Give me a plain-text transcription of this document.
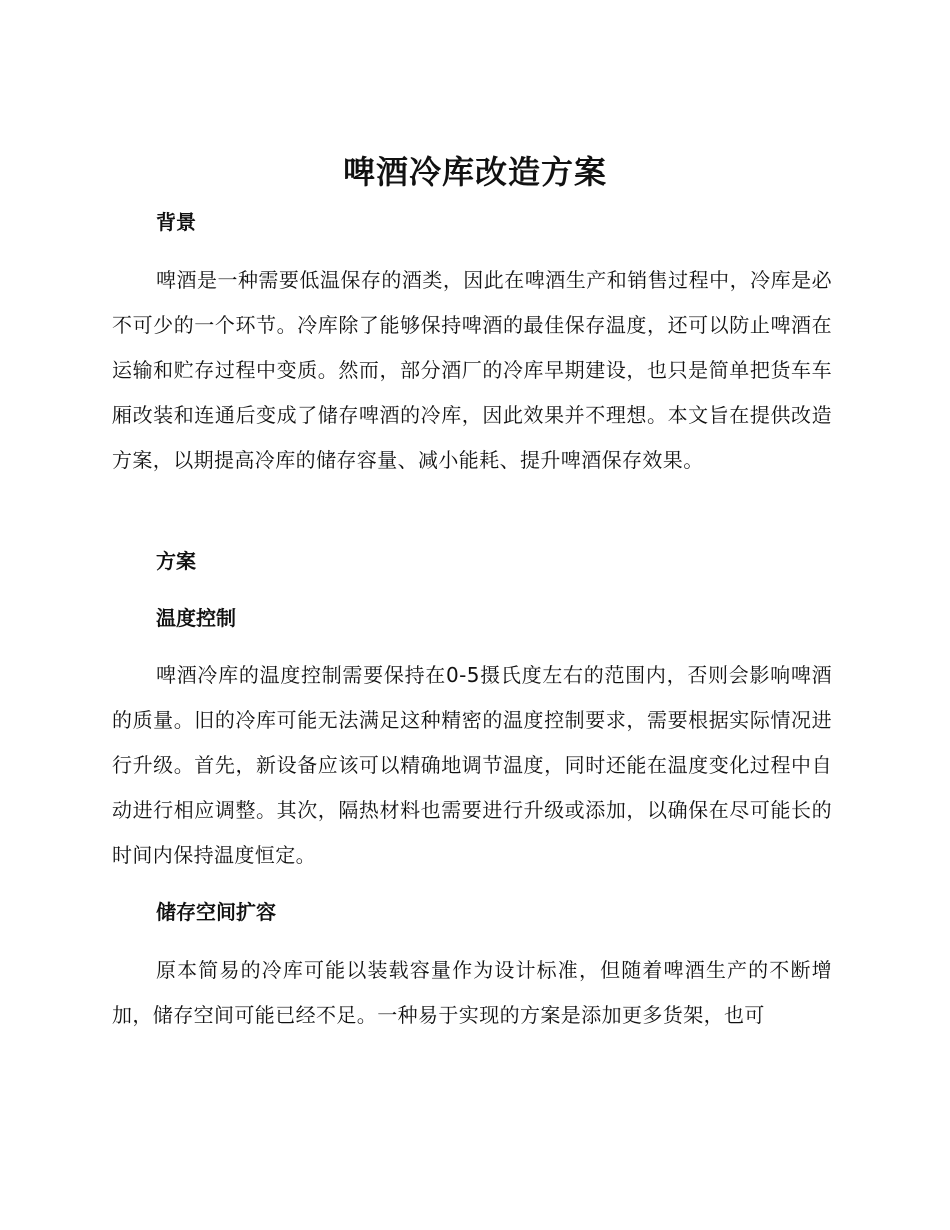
啤酒冷库改造方案
背景

啤酒是一种需要低温保存的酒类，因此在啤酒生产和销售过程中，冷库是必不可少的一个环节。冷库除了能够保持啤酒的最佳保存温度，还可以防止啤酒在运输和贮存过程中变质。然而，部分酒厂的冷库早期建设，也只是简单把货车车厢改装和连通后变成了储存啤酒的冷库，因此效果并不理想。本文旨在提供改造方案，以期提高冷库的储存容量、减小能耗、提升啤酒保存效果。

方案
温度控制

啤酒冷库的温度控制需要保持在0-5摄氏度左右的范围内，否则会影响啤酒的质量。旧的冷库可能无法满足这种精密的温度控制要求，需要根据实际情况进行升级。首先，新设备应该可以精确地调节温度，同时还能在温度变化过程中自动进行相应调整。其次，隔热材料也需要进行升级或添加，以确保在尽可能长的时间内保持温度恒定。

储存空间扩容

原本简易的冷库可能以装载容量作为设计标准，但随着啤酒生产的不断增加，储存空间可能已经不足。一种易于实现的方案是添加更多货架，也可
